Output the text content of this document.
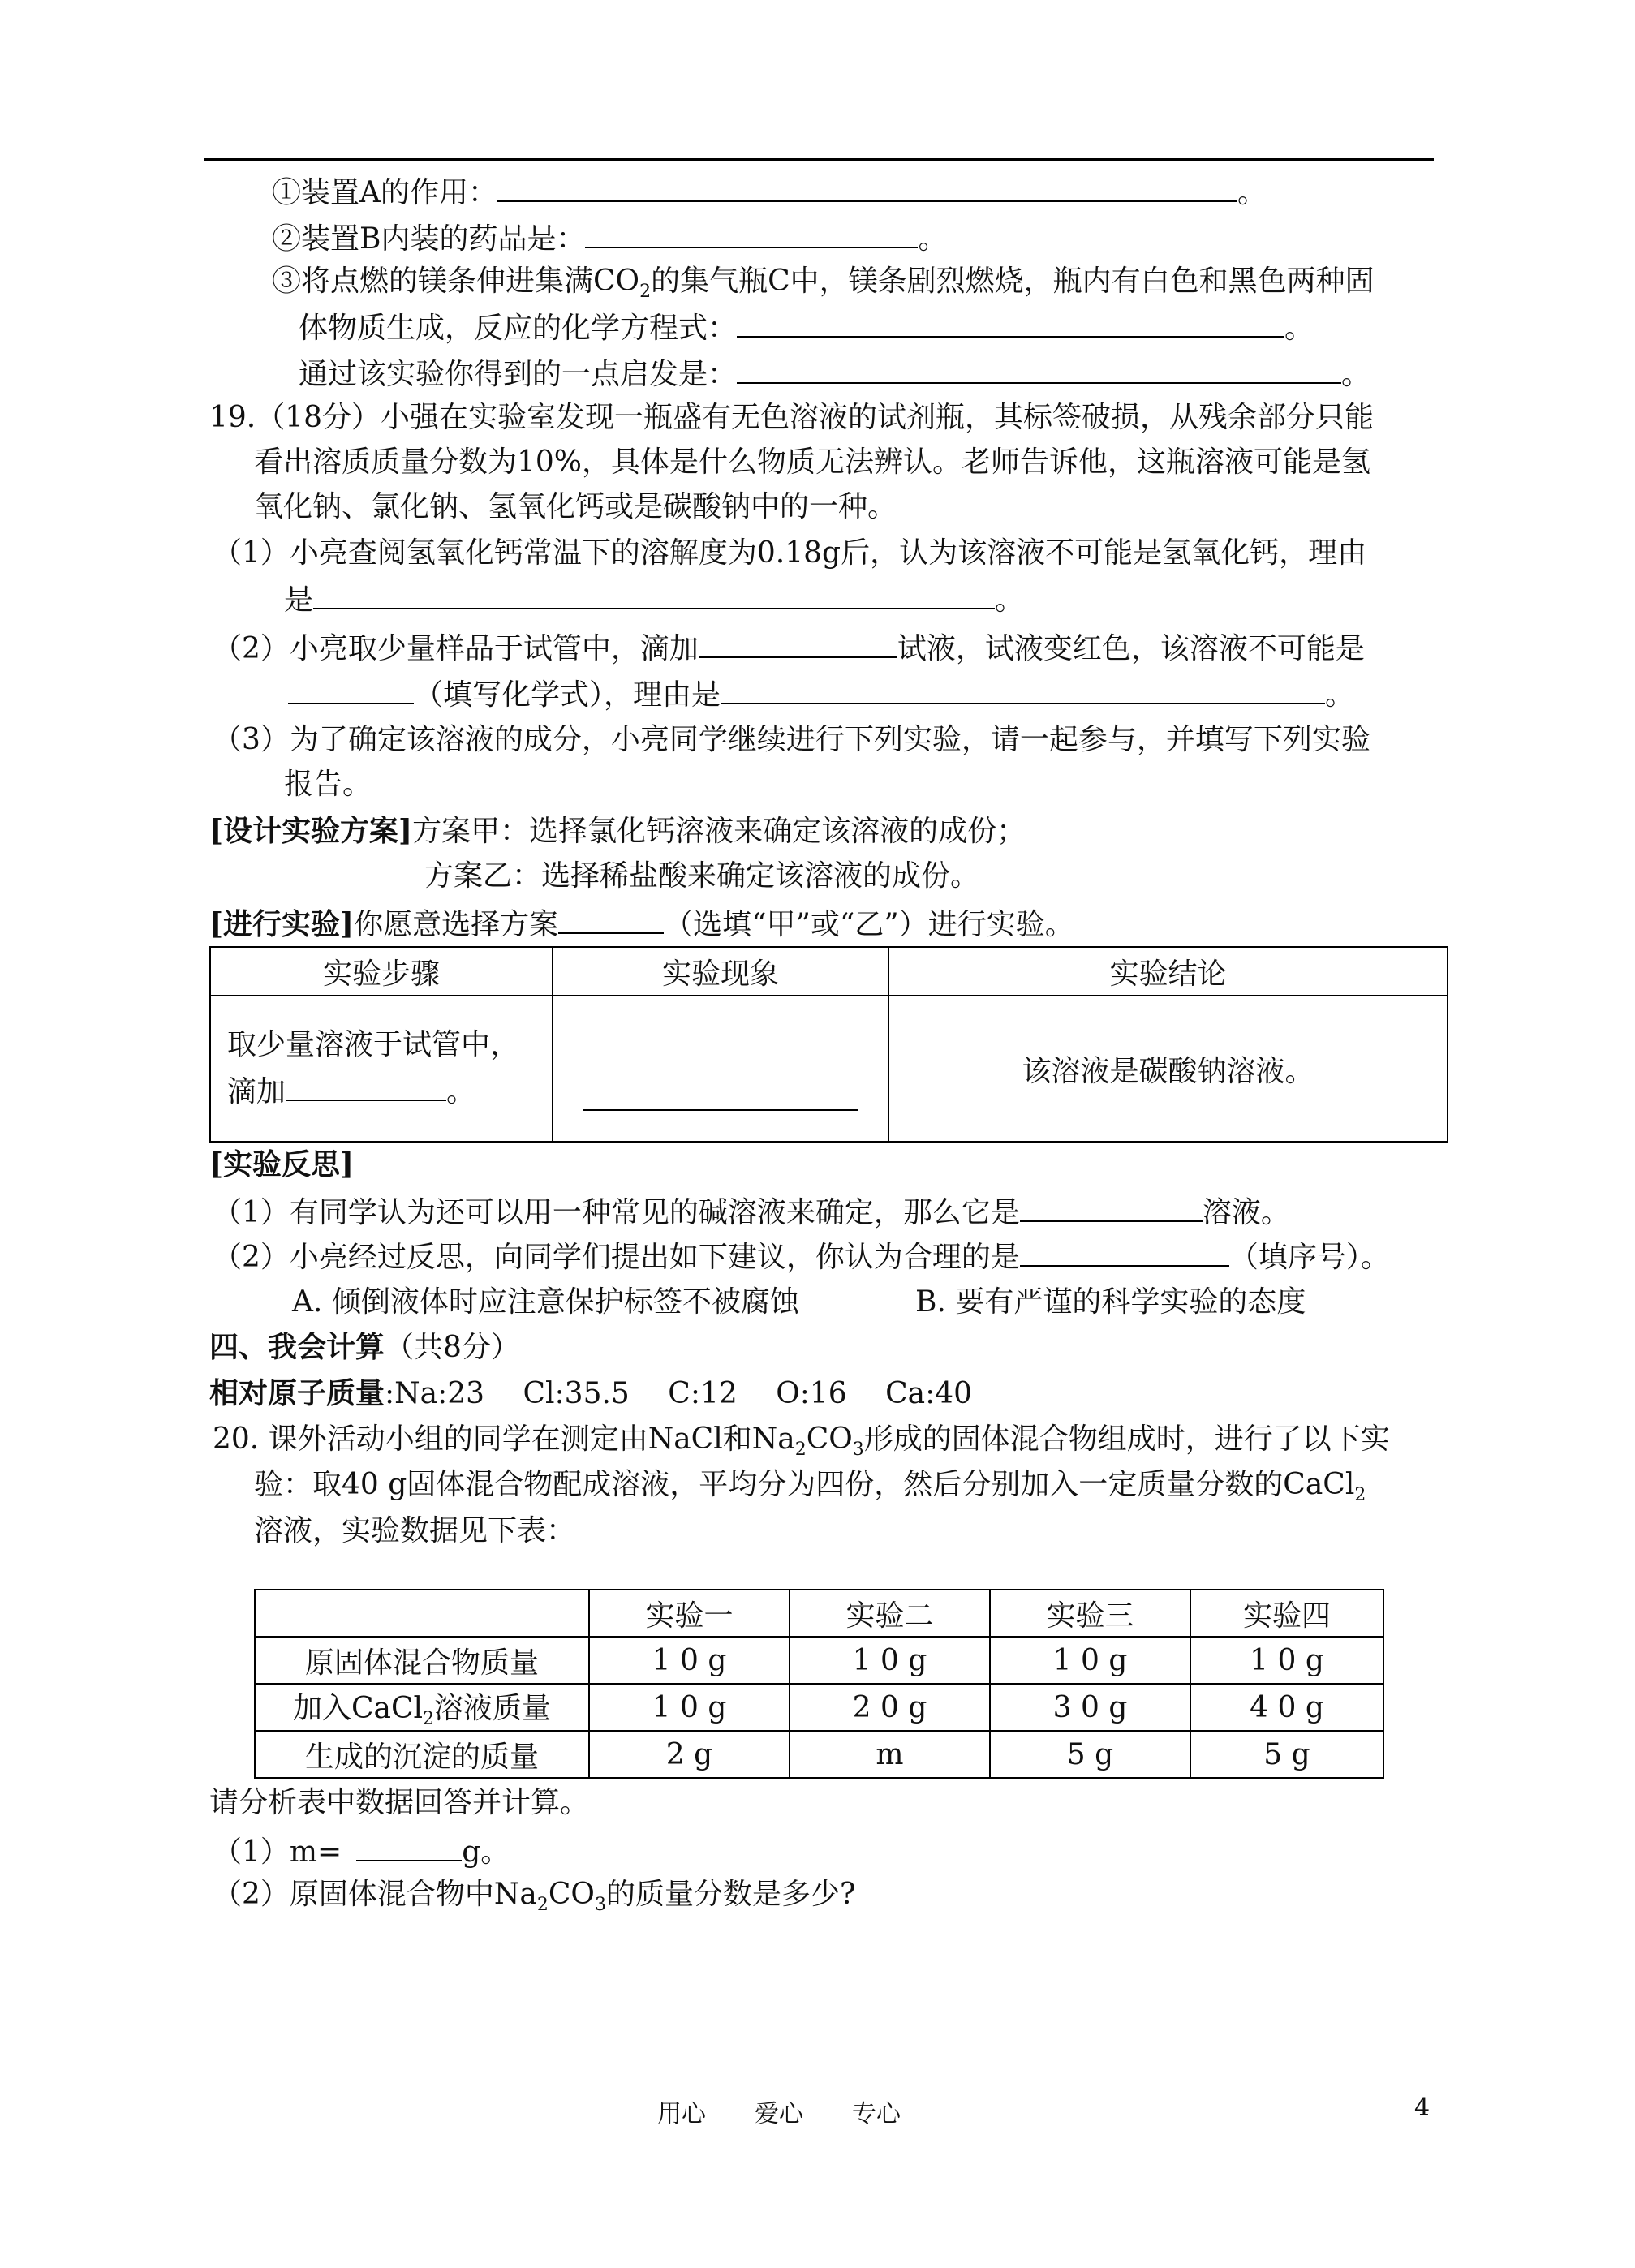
①装置A的作用：	。
②装置B内装的药品是：	。
③将点燃的镁条伸进集满$CO_2$的集气瓶C中，镁条剧烈燃烧，瓶内有白色和黑色两种固
体物质生成，反应的化学方程式：	。
通过该实验你得到的一点启发是：	。
19.（18分）小强在实验室发现一瓶盛有无色溶液的试剂瓶，其标签破损，从残余部分只能
看出溶质质量分数为10%，具体是什么物质无法辨认。老师告诉他，这瓶溶液可能是氢
氧化钠、氯化钠、氢氧化钙或是碳酸钠中的一种。
（1）小亮查阅氢氧化钙常温下的溶解度为0.18g后，认为该溶液不可能是氢氧化钙，理由
是	。
（2）小亮取少量样品于试管中，滴加	试液，试液变红色，该溶液不可能是
（填写化学式），理由是	。
（3）为了确定该溶液的成分，小亮同学继续进行下列实验，请一起参与，并填写下列实验
报告。
[设计实验方案]方案甲：选择氯化钙溶液来确定该溶液的成份；
方案乙：选择稀盐酸来确定该溶液的成份。
[进行实验]你愿意选择方案	（选填“甲”或“乙”）进行实验。
实验步骤	实验现象	实验结论

取少量溶液于试管中，
滴加 。		该溶液是碳酸钠溶液。
[实验反思]
（1）有同学认为还可以用一种常见的碱溶液来确定，那么它是	溶液。
（2）小亮经过反思，向同学们提出如下建议，你认为合理的是	（填序号）。
A. 倾倒液体时应注意保护标签不被腐蚀	B. 要有严谨的科学实验的态度
四、我会计算（共8分）
相对原子质量:Na:23　 Cl:35.5　 C:12　 O:16　 Ca:40
20. 课外活动小组的同学在测定由NaCl和$Na_2CO_3$形成的固体混合物组成时，进行了以下实
验：取40 g固体混合物配成溶液，平均分为四份，然后分别加入一定质量分数的CaCl$_2$
溶液，实验数据见下表：
	实验一	实验二	实验三	实验四
原固体混合物质量	1 0 g	1 0 g	1 0 g	1 0 g
加入CaCl$_2$溶液质量	1 0 g	2 0 g	3 0 g	4 0 g
生成的沉淀的质量	2 g	m	5 g	5 g
请分析表中数据回答并计算。
（1）m=	g。
（2）原固体混合物中$Na_2CO_3$的质量分数是多少?
用心　　爱心　　专心	4
